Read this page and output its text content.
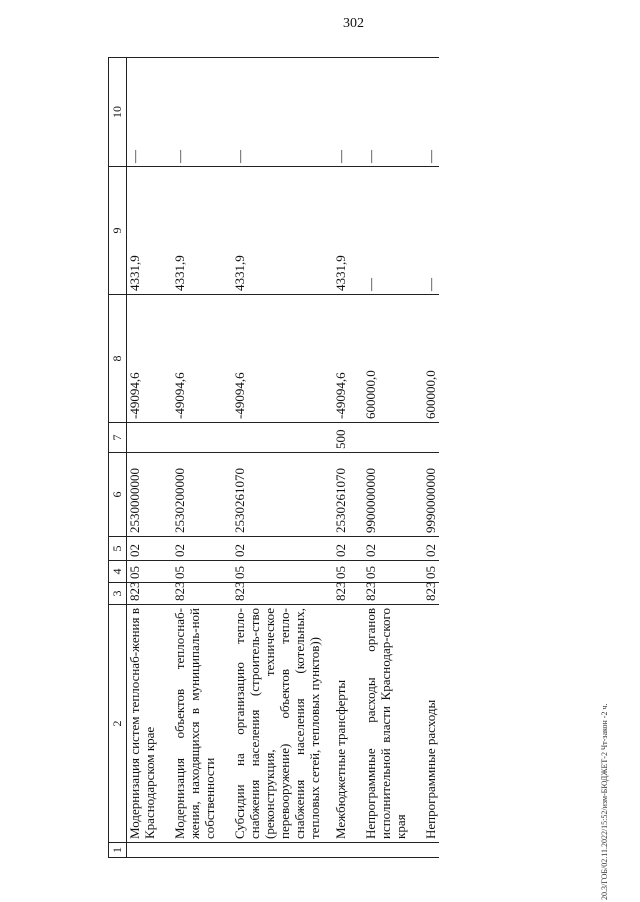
302
20.3/ГОБ/02.11.2022/15:52/изм-БЮДЖЕТ-2 Чт-закон -2 ч.
1	2	3	4	5	6	7	8	9	10
	Модернизация систем теплоснаб-жения в Краснодарском крае	823	05	02	2530000000		-49094,6	4331,9	—
	Модернизация объектов теплоснаб-жения, находящихся в муниципаль-ной собственности	823	05	02	2530200000		-49094,6	4331,9	—
	Субсидии на организацию тепло-снабжения населения (строитель-ство (реконструкция, техническое перевооружение) объектов тепло-снабжения населения (котельных, тепловых сетей, тепловых пунктов))	823	05	02	2530261070		-49094,6	4331,9	—
	Межбюджетные трансферты	823	05	02	2530261070	500	-49094,6	4331,9	—
	Непрограммные расходы органов исполнительной власти Краснодар-ского края	823	05	02	9900000000		600000,0	—	—
	Непрограммные расходы	823	05	02	9990000000		600000,0	—	—
